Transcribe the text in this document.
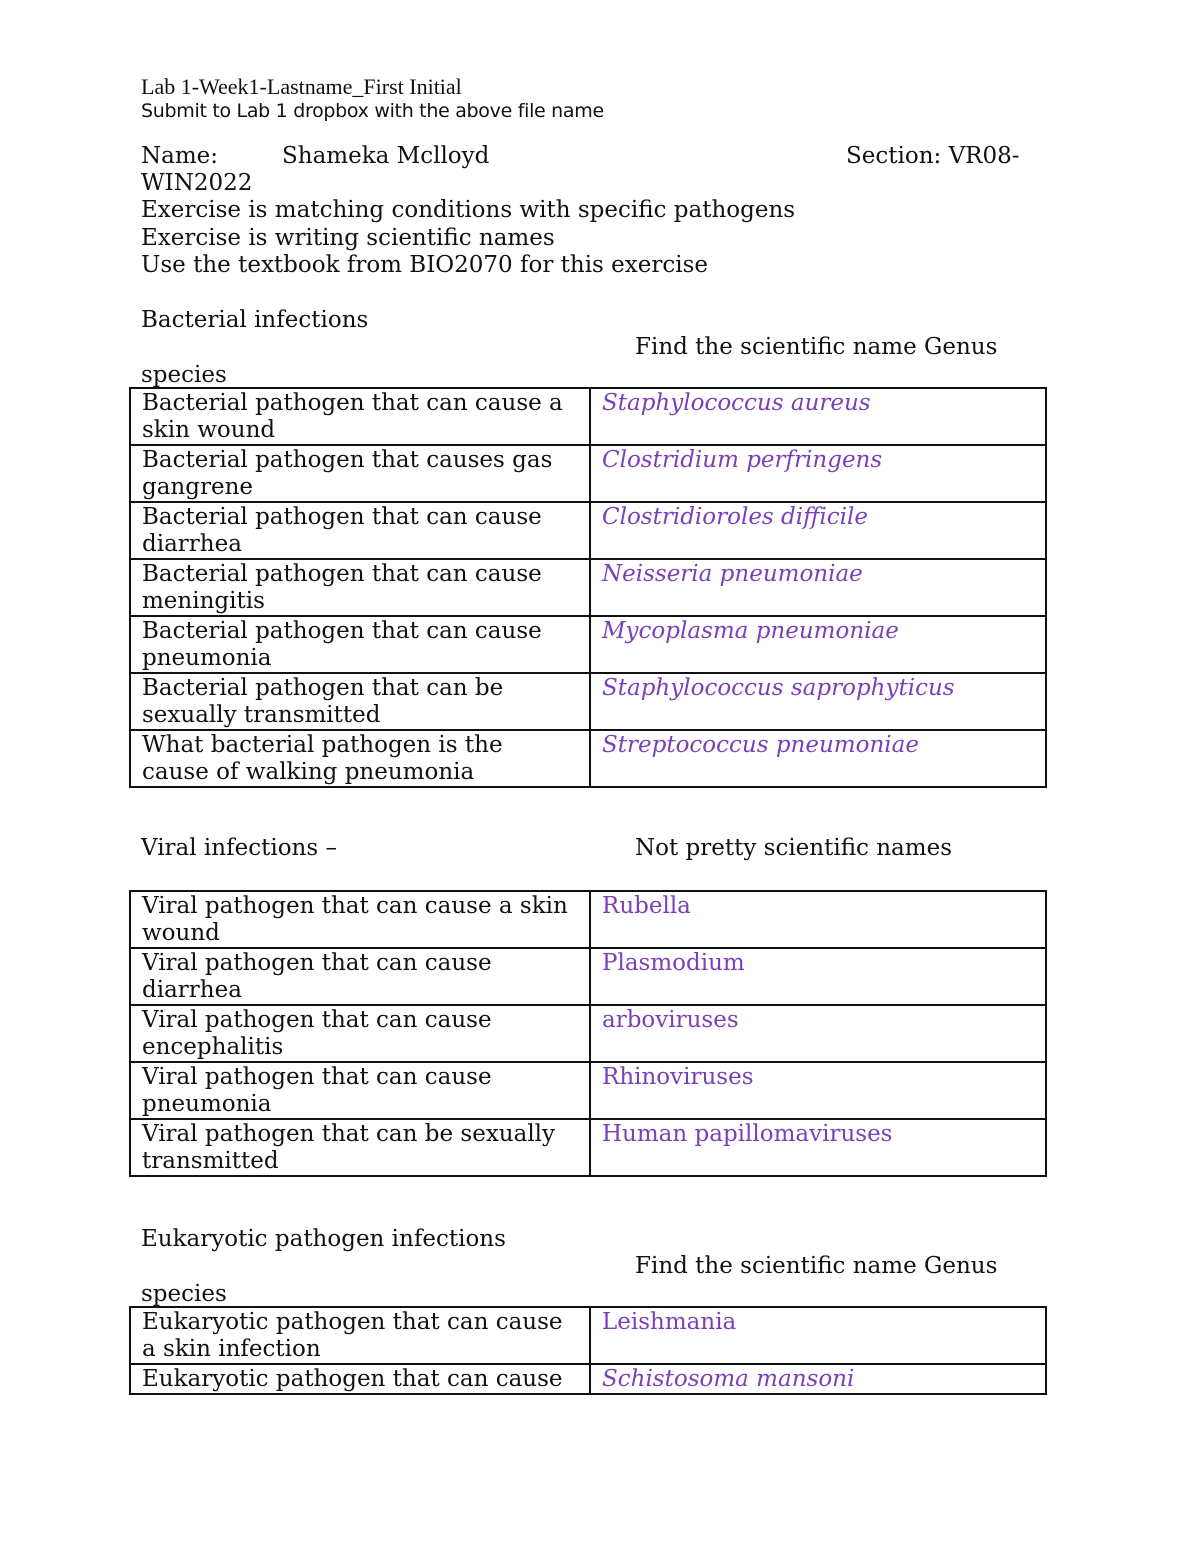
Lab 1-Week1-Lastname_First Initial
Submit to Lab 1 dropbox with the above file name
Name:	Shameka Mclloyd	Section: VR08-
WIN2022
Exercise is matching conditions with specific pathogens
Exercise is writing scientific names
Use the textbook from BIO2070 for this exercise
Bacterial infections
Find the scientific name Genus
species
Bacterial pathogen that can cause a
skin wound	Staphylococcus aureus
Bacterial pathogen that causes gas
gangrene	Clostridium perfringens
Bacterial pathogen that can cause
diarrhea	Clostridioroles difficile
Bacterial pathogen that can cause
meningitis	Neisseria pneumoniae
Bacterial pathogen that can cause
pneumonia	Mycoplasma pneumoniae
Bacterial pathogen that can be
sexually transmitted	Staphylococcus saprophyticus
What bacterial pathogen is the
cause of walking pneumonia	Streptococcus pneumoniae
Viral infections –	Not pretty scientific names
Viral pathogen that can cause a skin
wound	Rubella
Viral pathogen that can cause
diarrhea	Plasmodium
Viral pathogen that can cause
encephalitis	arboviruses
Viral pathogen that can cause
pneumonia	Rhinoviruses
Viral pathogen that can be sexually
transmitted	Human papillomaviruses
Eukaryotic pathogen infections
Find the scientific name Genus
species
Eukaryotic pathogen that can cause
a skin infection	Leishmania
Eukaryotic pathogen that can cause	Schistosoma mansoni
